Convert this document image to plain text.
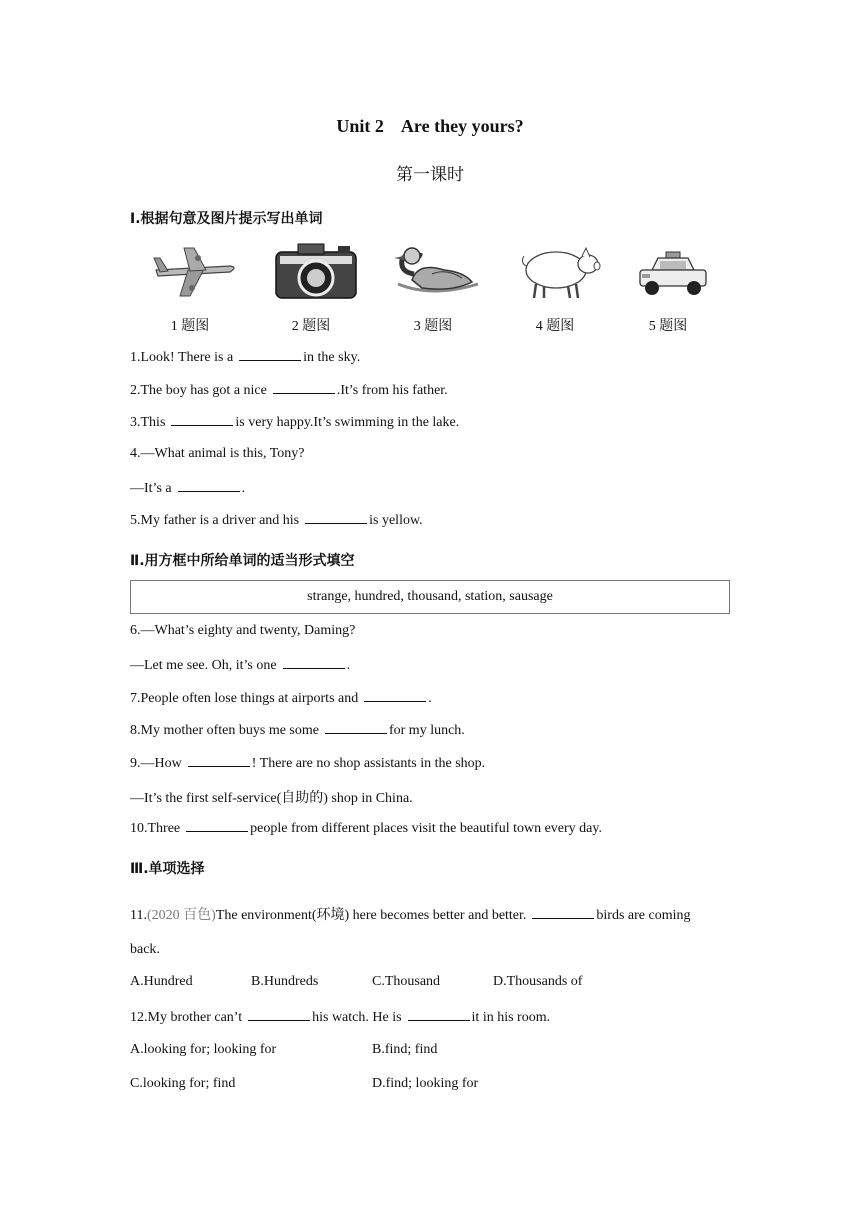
Unit 2    Are they yours?
第一课时
Ⅰ.根据句意及图片提示写出单词
1 题图	2 题图	3 题图	4 题图	5 题图
1.Look! There is a	in the sky.
2.The boy has got a nice	.It’s from his father.
3.This	is very happy.It’s swimming in the lake.
4.—What animal is this, Tony?
—It’s a	.
5.My father is a driver and his	is yellow.
Ⅱ.用方框中所给单词的适当形式填空
strange, hundred, thousand, station, sausage
6.—What’s eighty and twenty, Daming?
—Let me see. Oh, it’s one	.
7.People often lose things at airports and	.
8.My mother often buys me some	for my lunch.
9.—How	! There are no shop assistants in the shop.
—It’s the first self-service(自助的) shop in China.
10.Three	people from different places visit the beautiful town every day.
Ⅲ.单项选择
11.(2020 百色)The environment(环境) here becomes better and better.	birds are coming
back.
A.Hundred	B.Hundreds	C.Thousand	D.Thousands of
12.My brother can’t	his watch. He is	it in his room.
A.looking for; looking for	B.find; find
C.looking for; find	D.find; looking for
